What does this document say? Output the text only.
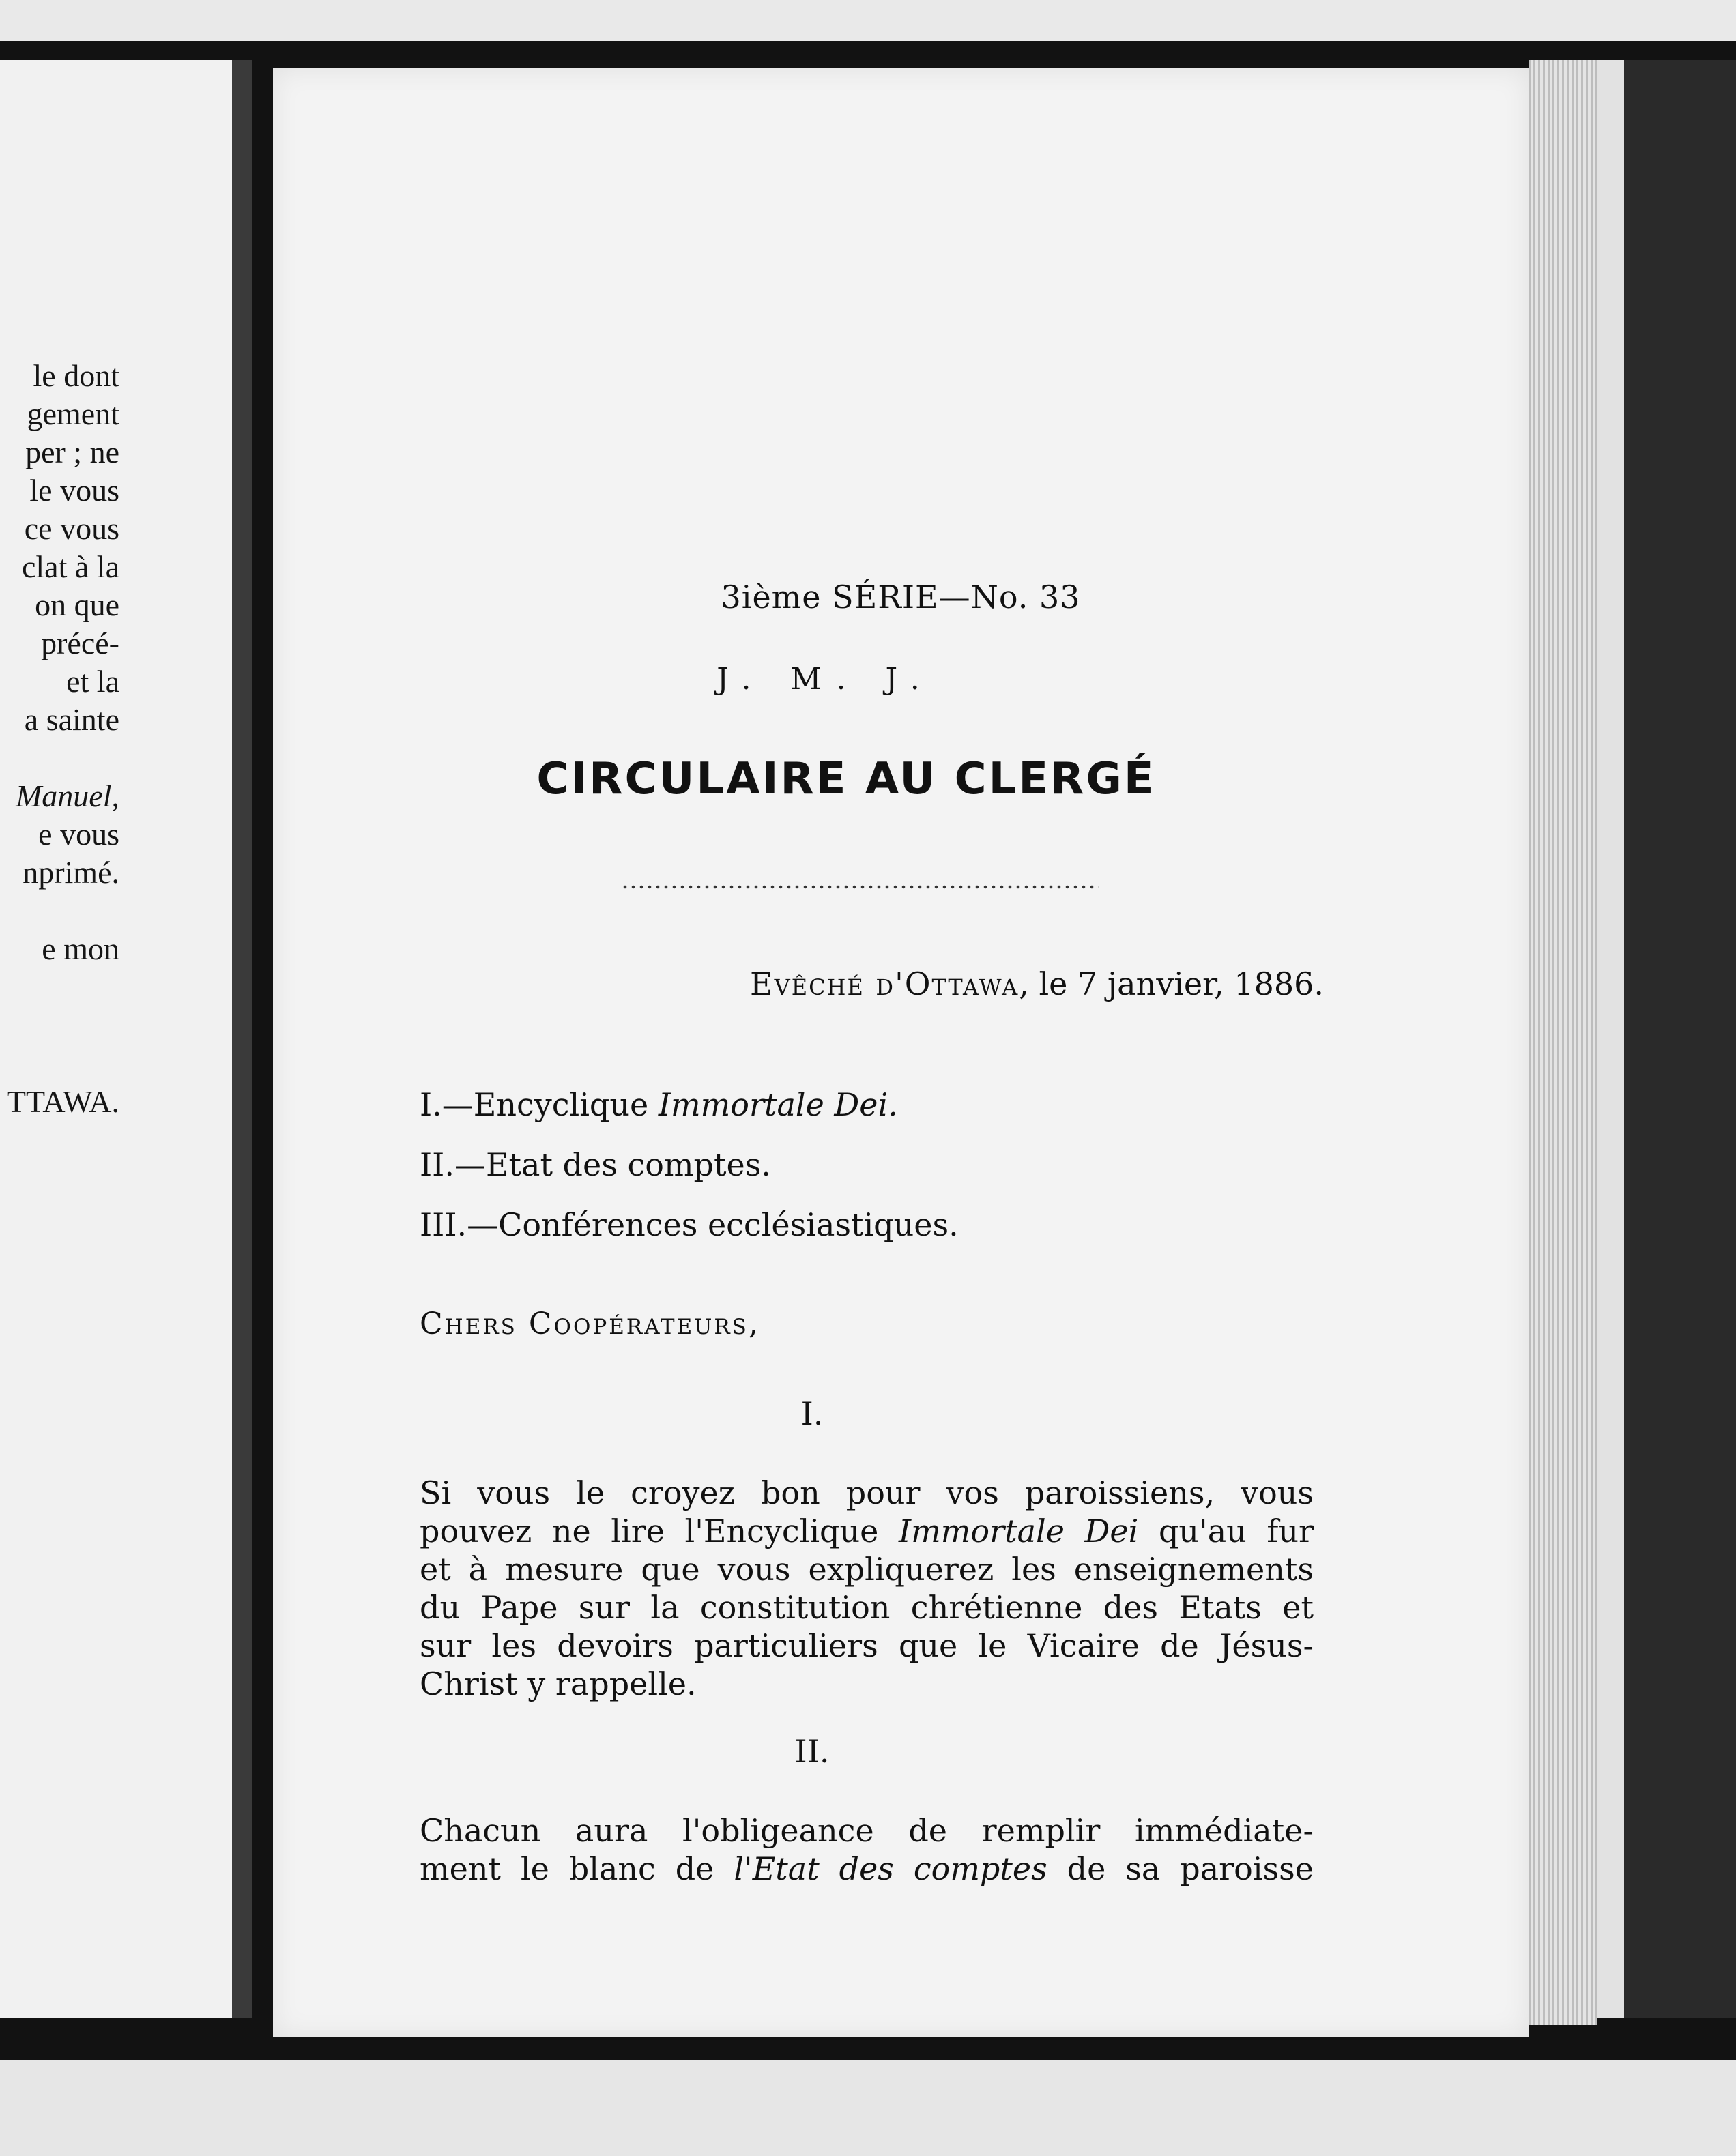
le dont
gement
per ; ne
le vous
ce vous
clat à la
on que
précé-
et la
a sainte

Manuel,
e vous
nprimé.

e mon

TTAWA.
3ième SÉRIE—No. 33
J. M. J.
CIRCULAIRE AU CLERGÉ
Evêché d'Ottawa, le 7 janvier, 1886.
I.—Encyclique Immortale Dei.
II.—Etat des comptes.
III.—Conférences ecclésiastiques.
Chers Coopérateurs,
I.
Si vous le croyez bon pour vos paroissiens, vous
pouvez ne lire l'Encyclique Immortale Dei qu'au fur
et à mesure que vous expliquerez les enseignements
du Pape sur la constitution chrétienne des Etats et
sur les devoirs particuliers que le Vicaire de Jésus-
Christ y rappelle.
II.
Chacun aura l'obligeance de remplir immédiate-
ment le blanc de l'Etat des comptes de sa paroisse
